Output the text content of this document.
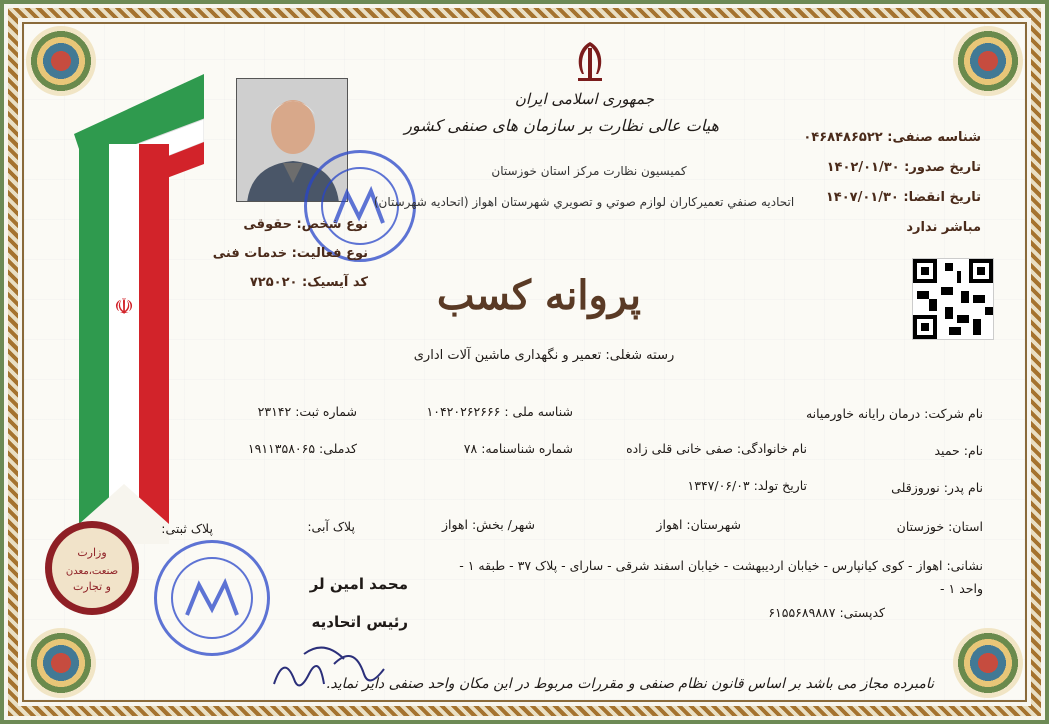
☫
وزارت
صنعت،معدن
و تجارت
جمهوری اسلامی ایران
هیات عالی نظارت بر سازمان های صنفی کشور
کمیسیون نظارت مرکز استان خوزستان
اتحاديه صنفي تعميركاران لوازم صوتي و تصويري شهرستان اهواز (اتحاديه شهرستان)
پروانه کسب
رسته شغلی: تعمیر و نگهداری ماشین آلات اداری
شناسه صنفی: ۰۴۶۸۴۸۶۵۲۲
تاریخ صدور: ۱۴۰۲/۰۱/۳۰
تاریخ انقضا: ۱۴۰۷/۰۱/۳۰
مباشر ندارد
نوع شخص: حقوقی
نوع فعالیت: خدمات فنی
کد آیسیک: ۷۲۵۰۲۰
نام شرکت: درمان رایانه خاورمیانه
شناسه ملی : ۱۰۴۲۰۲۶۲۶۶۶
شماره ثبت: ۲۳۱۴۲
نام: حمید
نام خانوادگی: صفی خانی قلی زاده
شماره شناسنامه: ۷۸
کدملی: ۱۹۱۱۳۵۸۰۶۵
نام پدر: نوروزقلی
تاریخ تولد: ۱۳۴۷/۰۶/۰۳
استان: خوزستان
شهرستان: اهواز
شهر/ بخش: اهواز
پلاک آبی:
پلاک ثبتی:
نشانی: اهواز - کوی کیانپارس - خیابان اردیبهشت - خیابان اسفند شرقی - سارای - پلاک ۳۷ - طبقه ۱ -
واحد ۱ -
کدپستی: ۶۱۵۵۶۸۹۸۸۷
محمد امین لر
رئیس اتحادیه
نامبرده مجاز می باشد بر اساس قانون نظام صنفی و مقررات مربوط در این مکان واحد صنفی دایر نماید.
